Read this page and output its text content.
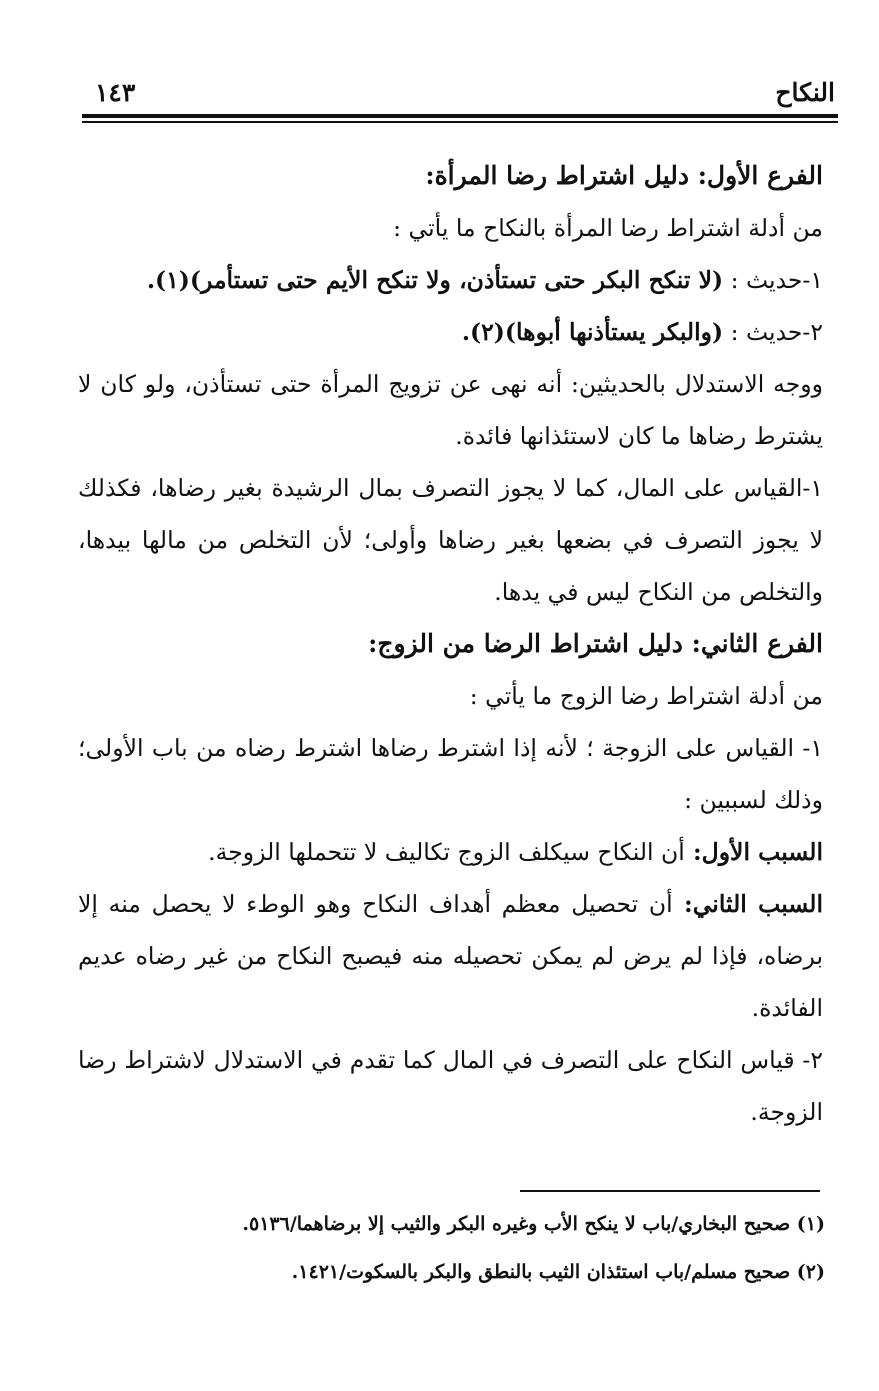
النكاح
١٤٣

الفرع الأول: دليل اشتراط رضا المرأة:

من أدلة اشتراط رضا المرأة بالنكاح ما يأتي :

١-حديث : (لا تنكح البكر حتى تستأذن، ولا تنكح الأيم حتى تستأمر)(١).

٢-حديث : (والبكر يستأذنها أبوها)(٢).

ووجه الاستدلال بالحديثين: أنه نهى عن تزويج المرأة حتى تستأذن، ولو كان لا يشترط رضاها ما كان لاستئذانها فائدة.

١-القياس على المال، كما لا يجوز التصرف بمال الرشيدة بغير رضاها، فكذلك لا يجوز التصرف في بضعها بغير رضاها وأولى؛ لأن التخلص من مالها بيدها، والتخلص من النكاح ليس في يدها.

الفرع الثاني: دليل اشتراط الرضا من الزوج:

من أدلة اشتراط رضا الزوج ما يأتي :

١- القياس على الزوجة ؛ لأنه إذا اشترط رضاها اشترط رضاه من باب الأولى؛ وذلك لسببين :

السبب الأول: أن النكاح سيكلف الزوج تكاليف لا تتحملها الزوجة.

السبب الثاني: أن تحصيل معظم أهداف النكاح وهو الوطء لا يحصل منه إلا برضاه، فإذا لم يرض لم يمكن تحصيله منه فيصبح النكاح من غير رضاه عديم الفائدة.

٢- قياس النكاح على التصرف في المال كما تقدم في الاستدلال لاشتراط رضا الزوجة.

(١) صحيح البخاري/باب لا ينكح الأب وغيره البكر والثيب إلا برضاهما/٥١٣٦.

(٢) صحيح مسلم/باب استئذان الثيب بالنطق والبكر بالسكوت/١٤٢١.
